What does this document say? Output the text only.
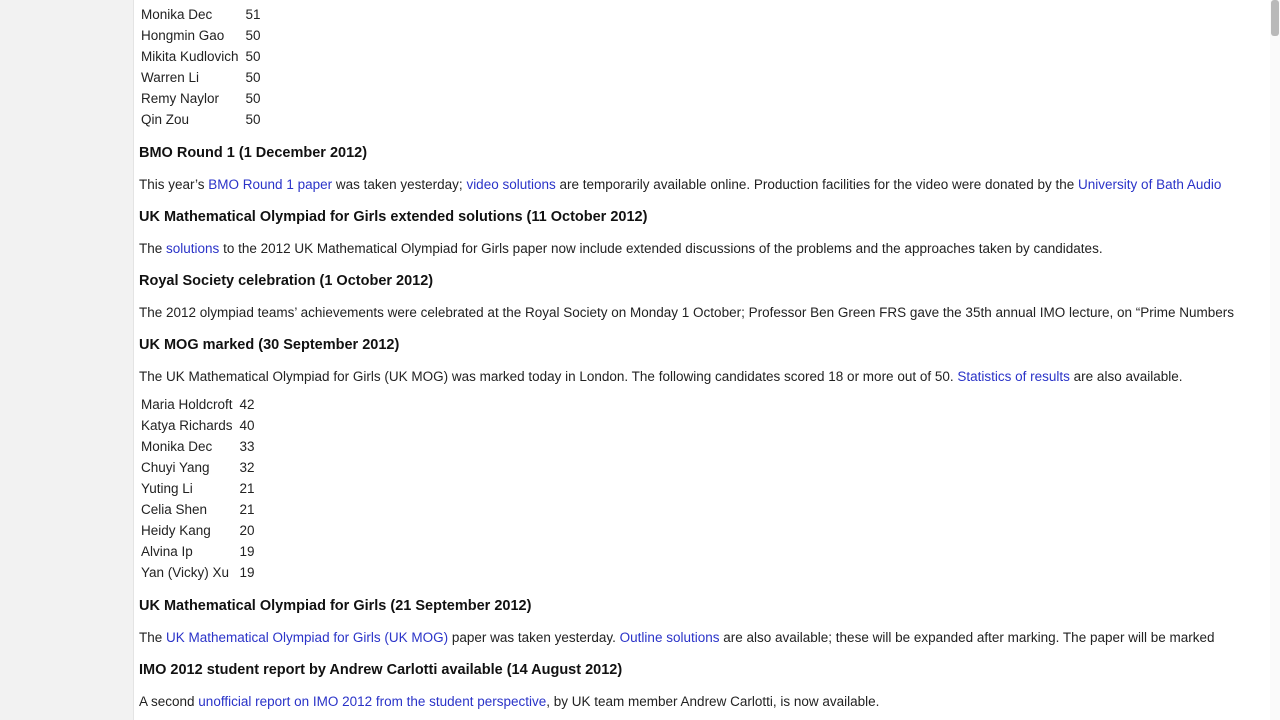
Monika Dec	51
Hongmin Gao	50
Mikita Kudlovich	50
Warren Li	50
Remy Naylor	50
Qin Zou	50
BMO Round 1 (1 December 2012)

This year’s BMO Round 1 paper was taken yesterday; video solutions are temporarily available online. Production facilities for the video were donated by the University of Bath Audio

UK Mathematical Olympiad for Girls extended solutions (11 October 2012)

The solutions to the 2012 UK Mathematical Olympiad for Girls paper now include extended discussions of the problems and the approaches taken by candidates.

Royal Society celebration (1 October 2012)

The 2012 olympiad teams’ achievements were celebrated at the Royal Society on Monday 1 October; Professor Ben Green FRS gave the 35th annual IMO lecture, on “Prime Numbers

UK MOG marked (30 September 2012)

The UK Mathematical Olympiad for Girls (UK MOG) was marked today in London. The following candidates scored 18 or more out of 50. Statistics of results are also available.

Maria Holdcroft	42
Katya Richards	40
Monika Dec	33
Chuyi Yang	32
Yuting Li	21
Celia Shen	21
Heidy Kang	20
Alvina Ip	19
Yan (Vicky) Xu	19
UK Mathematical Olympiad for Girls (21 September 2012)

The UK Mathematical Olympiad for Girls (UK MOG) paper was taken yesterday. Outline solutions are also available; these will be expanded after marking. The paper will be marked

IMO 2012 student report by Andrew Carlotti available (14 August 2012)

A second unofficial report on IMO 2012 from the student perspective, by UK team member Andrew Carlotti, is now available.
